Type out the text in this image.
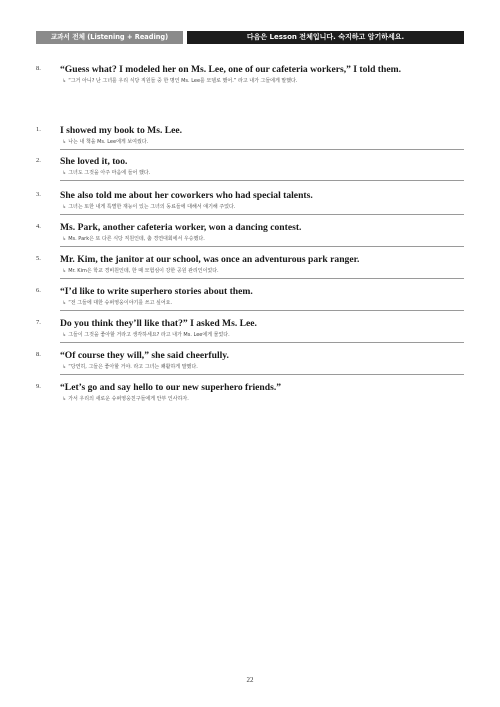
교과서 전체 (Listening + Reading)	다음은 Lesson 전체입니다. 숙지하고 암기하세요.
8. “Guess what? I modeled her on Ms. Lee, one of our cafeteria workers,” I told them.
↳ “그거 아니? 난 그녀를 우리 식당 직원들 중 한 명인 Ms. Lee를 모델로 했어.” 라고 내가 그들에게 말했다.
1. I showed my book to Ms. Lee.
↳ 나는 내 책을 Ms. Lee에게 보여줬다.
2. She loved it, too.
↳ 그녀도 그것을 아주 마음에 들어 했다.
3. She also told me about her coworkers who had special talents.
↳ 그녀는 또한 내게 특별한 재능이 있는 그녀의 동료들에 대해서 얘기해 주었다.
4. Ms. Park, another cafeteria worker, won a dancing contest.
↳ Ms. Park은 또 다른 식당 직원인데, 춤 경연대회에서 우승했다.
5. Mr. Kim, the janitor at our school, was once an adventurous park ranger.
↳ Mr. Kim은 학교 경비원인데, 한 때 모험심이 강한 공원 관리인이었다.
6. “I’d like to write superhero stories about them.
↳ “전 그들에 대한 슈퍼영웅이야기를 쓰고 싶어요.
7. Do you think they’ll like that?” I asked Ms. Lee.
↳ 그들이 그것을 좋아할 거라고 생각하세요? 라고 내가 Ms. Lee에게 물었다.
8. “Of course they will,” she said cheerfully.
↳ “당연히, 그들은 좋아할 거야. 라고 그녀는 쾌활하게 말했다.
9. “Let’s go and say hello to our new superhero friends.”
↳ 가서 우리의 새로운 슈퍼영웅친구들에게 안부 인사하자.
22
